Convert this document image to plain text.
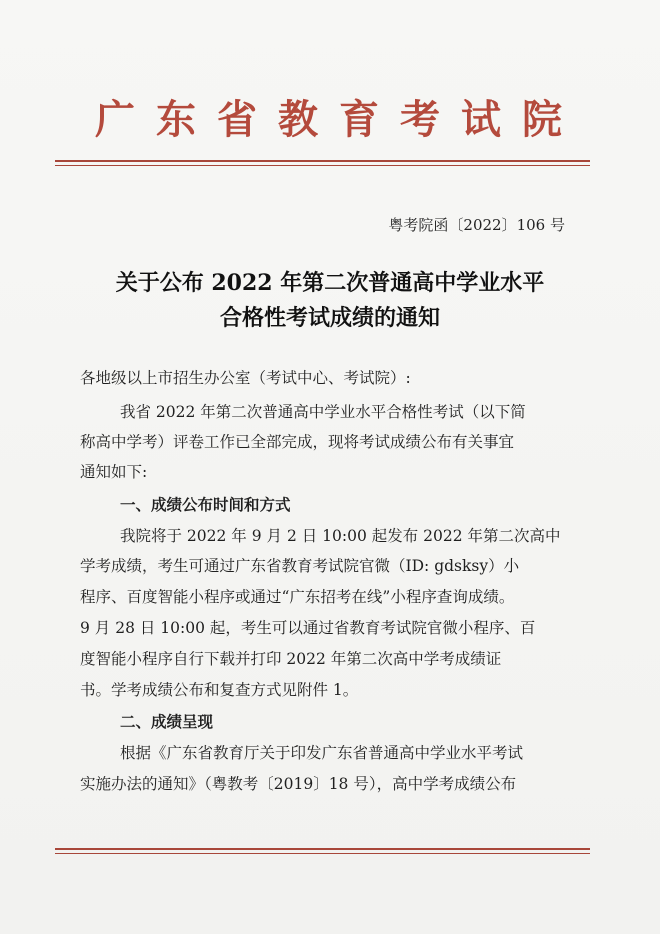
广东省教育考试院
粤考院函〔2022〕106 号
关于公布 2022 年第二次普通高中学业水平
合格性考试成绩的通知
各地级以上市招生办公室（考试中心、考试院）:
我省 2022 年第二次普通高中学业水平合格性考试（以下简
称高中学考）评卷工作已全部完成，现将考试成绩公布有关事宜
通知如下:
一、成绩公布时间和方式
我院将于 2022 年 9 月 2 日 10:00 起发布 2022 年第二次高中
学考成绩，考生可通过广东省教育考试院官微（ID: gdsksy）小
程序、百度智能小程序或通过“广东招考在线”小程序查询成绩。
9 月 28 日 10:00 起，考生可以通过省教育考试院官微小程序、百
度智能小程序自行下载并打印 2022 年第二次高中学考成绩证
书。学考成绩公布和复查方式见附件 1。
二、成绩呈现
根据《广东省教育厅关于印发广东省普通高中学业水平考试
实施办法的通知》（粤教考〔2019〕18 号），高中学考成绩公布
